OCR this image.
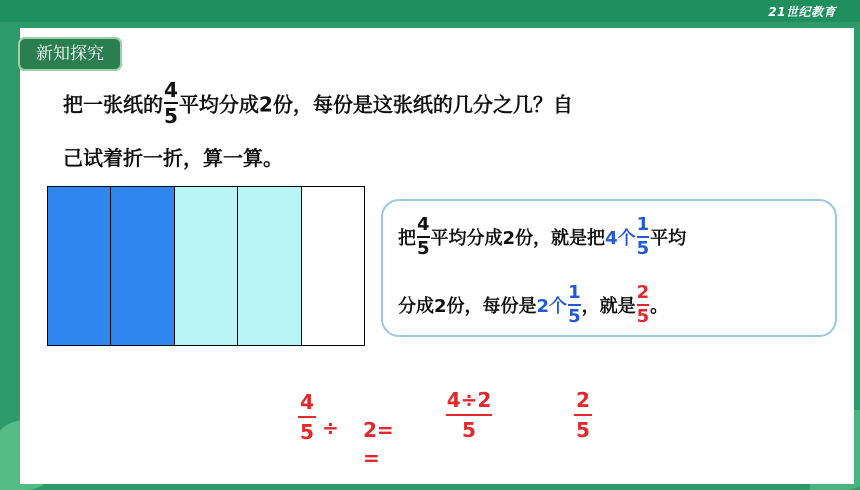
21世纪教育
新知探究
把一张纸的 $\frac{4}{5}$ 平均分成2份，每份是这张纸的几分之几？自
己试着折一折，算一算。
把 $\frac{4}{5}$ 平均分成2份，就是把4个 $\frac{1}{5}$ 平均
分成2份，每份是2个 $\frac{1}{5}$ ，就是 $\frac{2}{5}$ 。
4
5 ÷ 2=
=
4÷2
5
2
5
